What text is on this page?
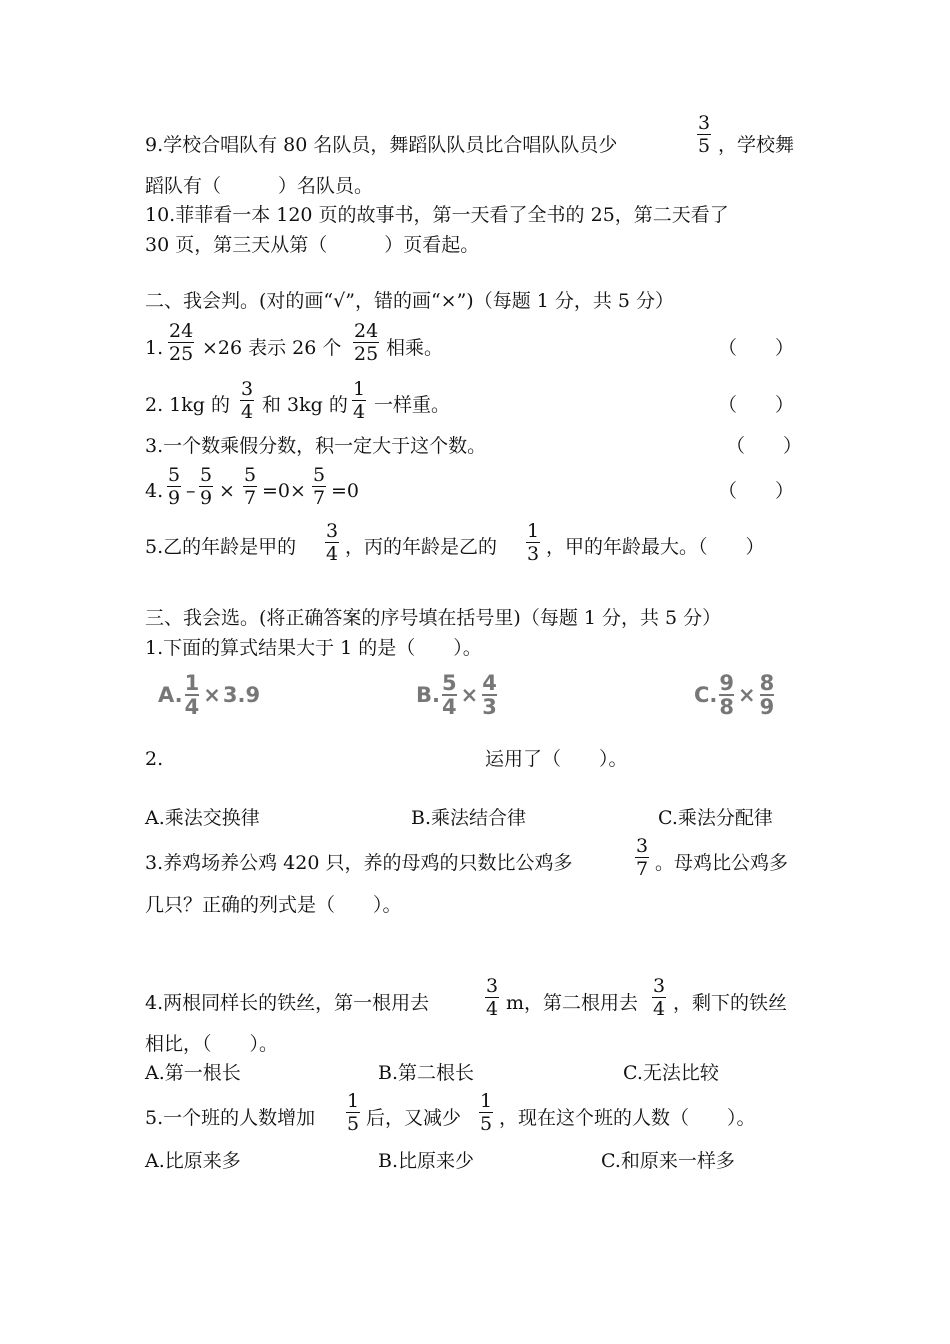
9.学校合唱队有 80 名队员，舞蹈队队员比合唱队队员少	$\frac{3}{5}$ ，学校舞
蹈队有（　　　）名队员。
10.菲菲看一本 120 页的故事书，第一天看了全书的 25，第二天看了
30 页，第三天从第（　　　）页看起。
二、我会判。(对的画“√”，错的画“×”)（每题 1 分，共 5 分）
1. $\frac{24}{25} \times 26$ 表示 26 个 $\frac{24}{25}$ 相乘。	（　　）
2. 1kg 的 $\frac{3}{4}$ 和 3kg 的 $\frac{1}{4}$ 一样重。	（　　）
3.一个数乘假分数，积一定大于这个数。	（　　）
4. $\frac{5}{9} - \frac{5}{9} \times \frac{5}{7} =0\times \frac{5}{7} =0$	（　　）
5.乙的年龄是甲的 $\frac{3}{4}$ ，丙的年龄是乙的 $\frac{1}{3}$ ，甲的年龄最大。（　　）
三、我会选。(将正确答案的序号填在括号里)（每题 1 分，共 5 分）
1.下面的算式结果大于 1 的是（　　）。
A. $\frac{1}{4} \times 3.9$	B. $\frac{5}{4} \times \frac{4}{3}$	C. $\frac{9}{8} \times \frac{8}{9}$
2.	运用了（　　）。
A.乘法交换律	B.乘法结合律	C.乘法分配律
3.养鸡场养公鸡 420 只，养的母鸡的只数比公鸡多	$\frac{3}{7}$ 。母鸡比公鸡多
几只？正确的列式是（　　）。
4.两根同样长的铁丝，第一根用去	$\frac{3}{4}$ m，第二根用去 $\frac{3}{4}$ ，剩下的铁丝
相比，（　　）。
A.第一根长	B.第二根长	C.无法比较
5.一个班的人数增加 $\frac{1}{5}$ 后，又减少 $\frac{1}{5}$ ，现在这个班的人数（　　）。
A.比原来多	B.比原来少	C.和原来一样多
